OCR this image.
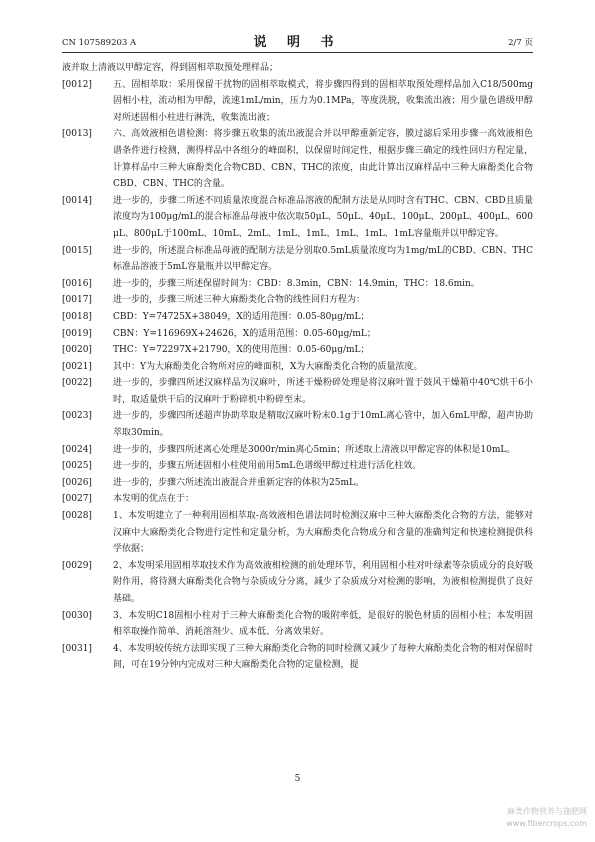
CN 107589203 A	说 明 书	2/7 页

液并取上清液以甲醇定容，得到固相萃取预处理样品；

[0012]	五、固相萃取：采用保留干扰物的固相萃取模式，将步骤四得到的固相萃取预处理样品加入C18/500mg固相小柱，流动相为甲醇，流速1mL/min，压力为0.1MPa，等度洗脱，收集流出液；用少量色谱级甲醇对所述固相小柱进行淋洗，收集流出液；

[0013]	六、高效液相色谱检测：将步骤五收集的流出液混合并以甲醇重新定容，膜过滤后采用步骤一高效液相色谱条件进行检测，测得样品中各组分的峰面积，以保留时间定性，根据步骤三确定的线性回归方程定量，计算样品中三种大麻酚类化合物CBD、CBN、THC的浓度，由此计算出汉麻样品中三种大麻酚类化合物CBD、CBN、THC的含量。

[0014]	进一步的，步骤二所述不同质量浓度混合标准品溶液的配制方法是从同时含有THC、CBN、CBD且质量浓度均为100μg/mL的混合标准品母液中依次取50μL、50μL、40μL、100μL、200μL、400μL、600μL、800μL于100mL、10mL、2mL、1mL、1mL、1mL、1mL、1mL容量瓶并以甲醇定容。

[0015]	进一步的，所述混合标准品母液的配制方法是分别取0.5mL质量浓度均为1mg/mL的CBD、CBN、THC标准品溶液于5mL容量瓶并以甲醇定容。

[0016]	进一步的，步骤三所述保留时间为：CBD：8.3min，CBN：14.9min，THC：18.6min。

[0017]	进一步的，步骤三所述三种大麻酚类化合物的线性回归方程为：

[0018]	CBD：Y=74725X+38049，X的适用范围：0.05-80μg/mL；

[0019]	CBN：Y=116969X+24626，X的适用范围：0.05-60μg/mL；

[0020]	THC：Y=72297X+21790，X的使用范围：0.05-60μg/mL；

[0021]	其中：Y为大麻酚类化合物所对应的峰面积，X为大麻酚类化合物的质量浓度。

[0022]	进一步的，步骤四所述汉麻样品为汉麻叶，所述干燥粉碎处理是将汉麻叶置于鼓风干燥箱中40℃烘干6小时，取适量烘干后的汉麻叶于粉碎机中粉碎至末。

[0023]	进一步的，步骤四所述超声协助萃取是精取汉麻叶粉末0.1g于10mL离心管中，加入6mL甲醇，超声协助萃取30min。

[0024]	进一步的，步骤四所述离心处理是3000r/min离心5min；所述取上清液以甲醇定容的体积是10mL。

[0025]	进一步的，步骤五所述固相小柱使用前用5mL色谱级甲醇过柱进行活化柱效。

[0026]	进一步的，步骤六所述流出液混合并重新定容的体积为25mL。

[0027]	本发明的优点在于：

[0028]	1、本发明建立了一种利用固相萃取-高效液相色谱法同时检测汉麻中三种大麻酚类化合物的方法，能够对汉麻中大麻酚类化合物进行定性和定量分析，为大麻酚类化合物成分和含量的准确判定和快速检测提供科学依据；

[0029]	2、本发明采用固相萃取技术作为高效液相检测的前处理环节，利用固相小柱对叶绿素等杂质成分的良好吸附作用，将待测大麻酚类化合物与杂质成分分离，减少了杂质成分对检测的影响，为液相检测提供了良好基础。

[0030]	3、本发明C18固相小柱对于三种大麻酚类化合物的吸附率低，是很好的脱色材质的固相小柱；本发明固相萃取操作简单、消耗溶剂少、成本低、分离效果好。

[0031]	4、本发明较传统方法即实现了三种大麻酚类化合物的同时检测又减少了每种大麻酚类化合物的相对保留时间，可在19分钟内完成对三种大麻酚类化合物的定量检测，提

5
麻类作物营养与施肥网
www.fibercrops.com
